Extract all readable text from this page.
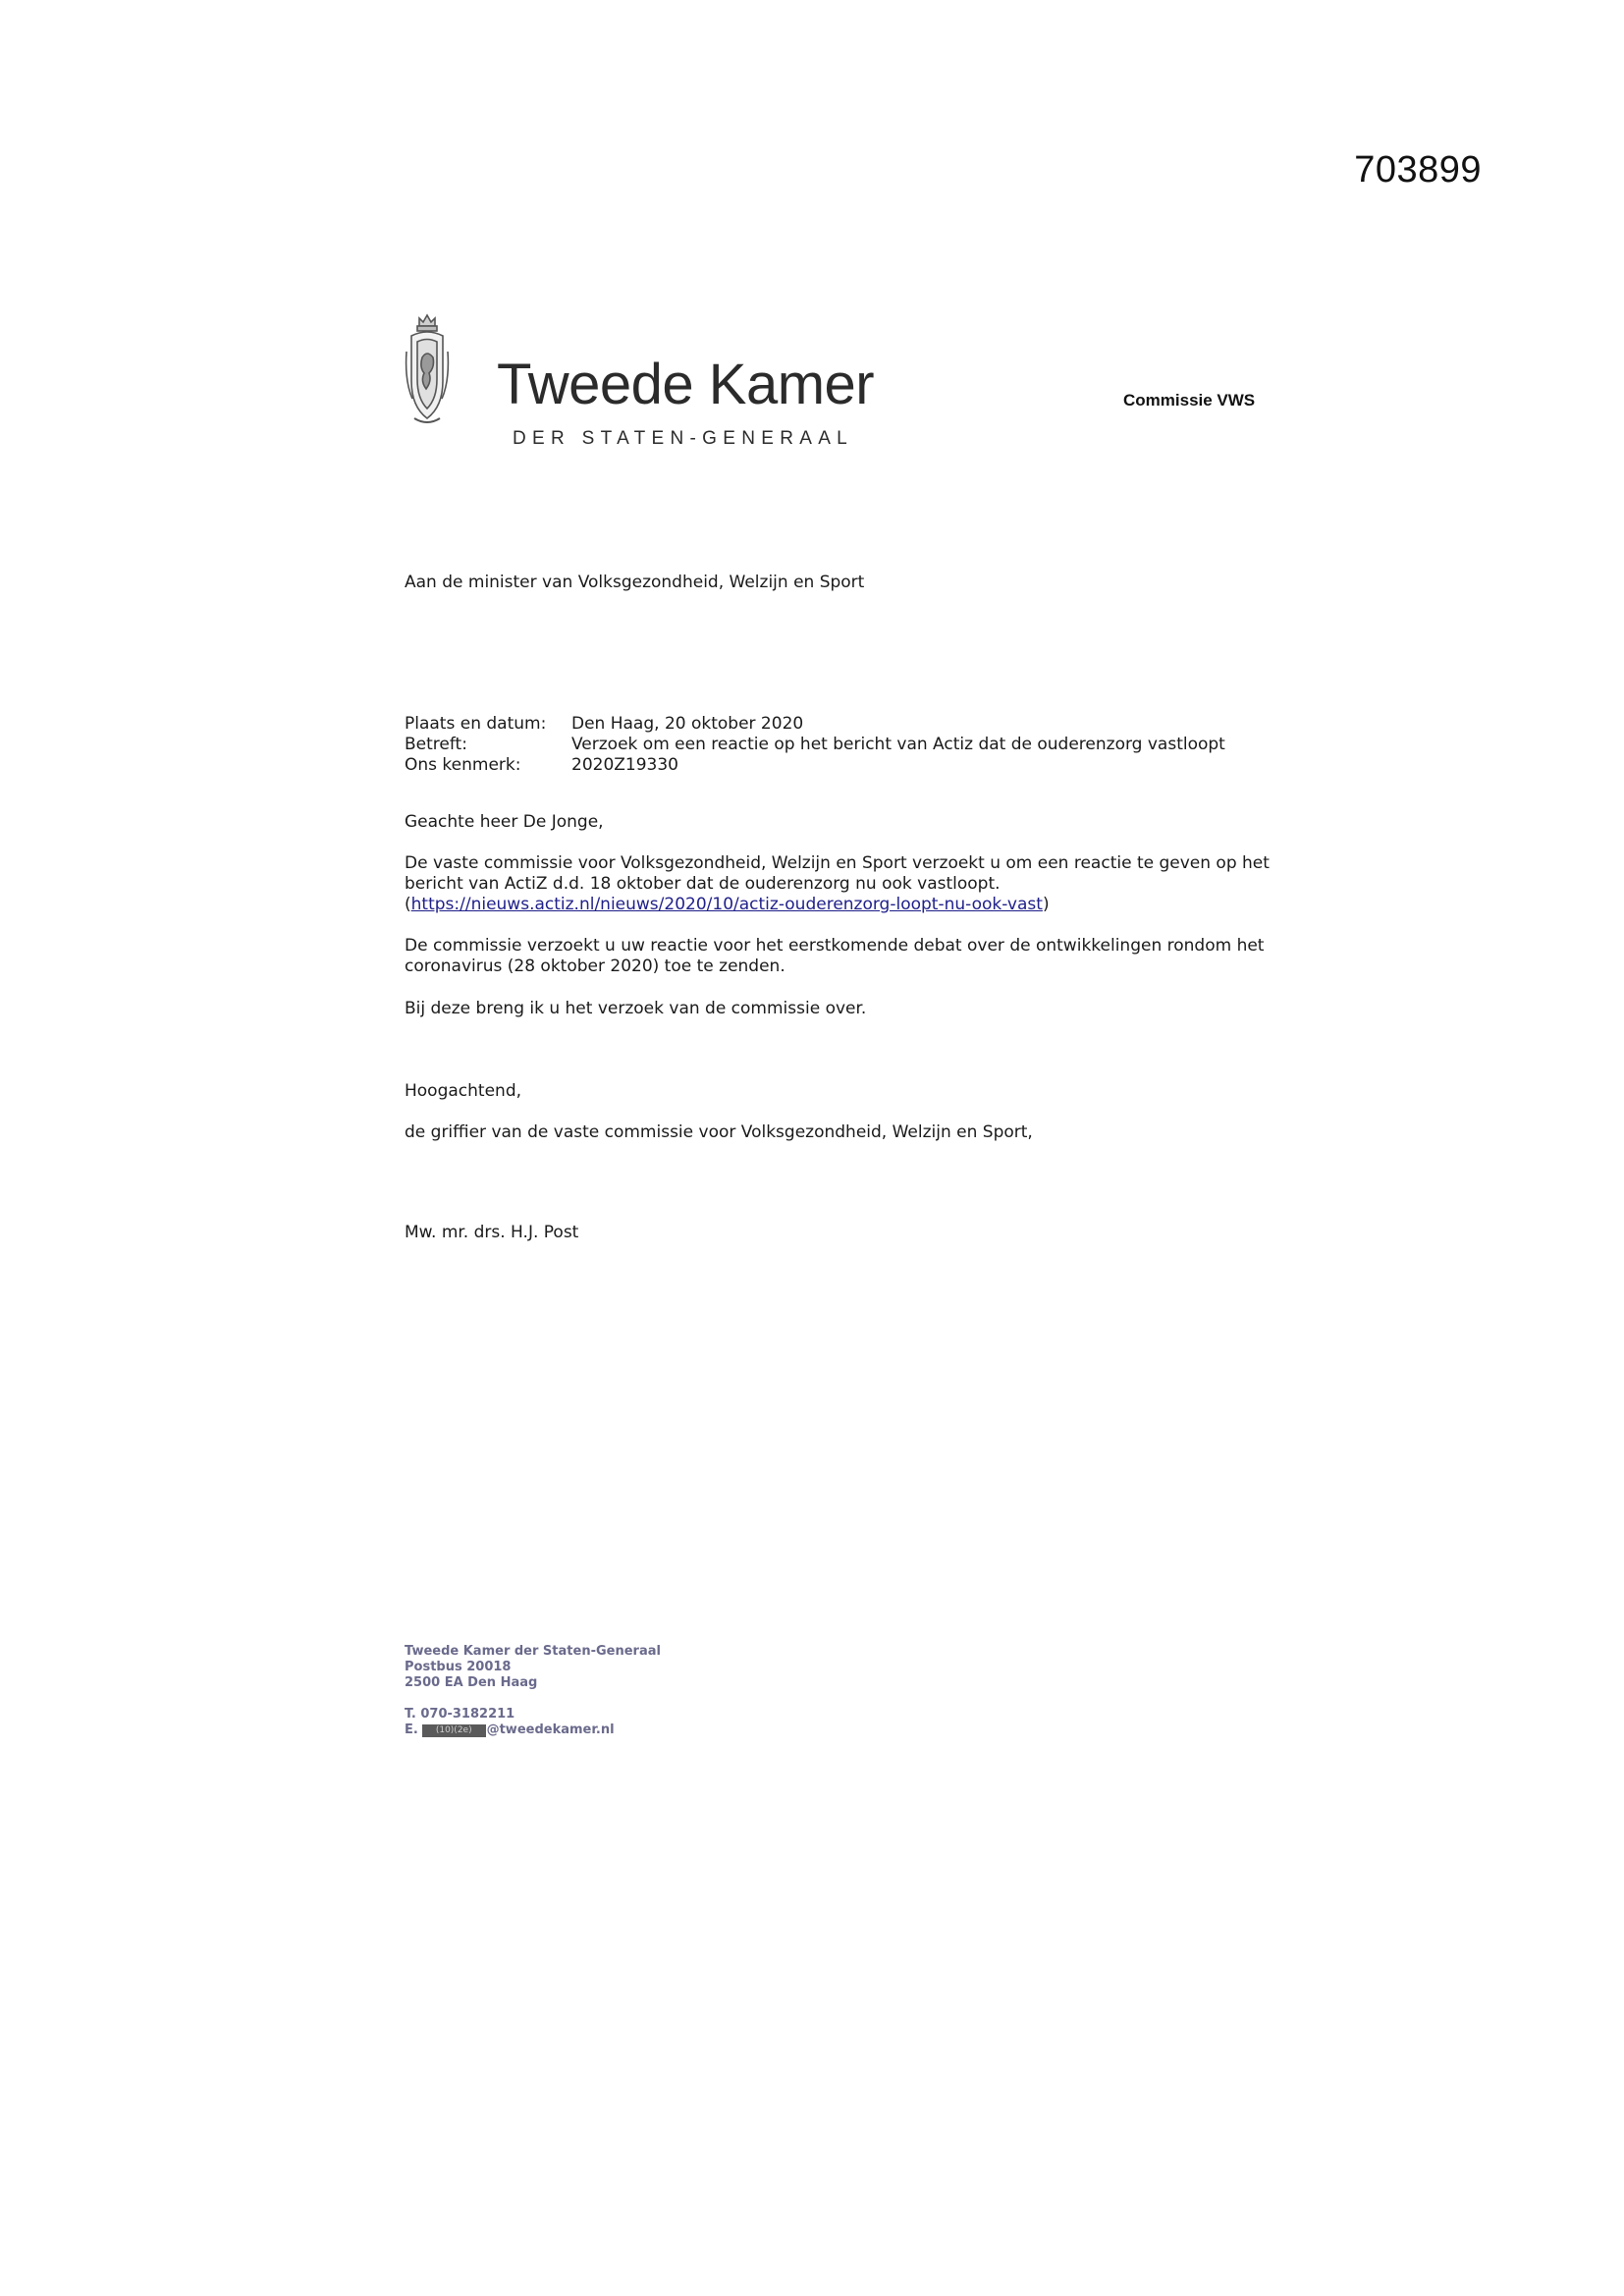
703899
Tweede Kamer
DER STATEN-GENERAAL
Commissie VWS
Aan de minister van Volksgezondheid, Welzijn en Sport
Plaats en datum:	Den Haag, 20 oktober 2020
Betreft:	Verzoek om een reactie op het bericht van Actiz dat de ouderenzorg vastloopt
Ons kenmerk:	2020Z19330
Geachte heer De Jonge,
De vaste commissie voor Volksgezondheid, Welzijn en Sport verzoekt u om een reactie te geven op het
bericht van ActiZ d.d. 18 oktober dat de ouderenzorg nu ook vastloopt.
(https://nieuws.actiz.nl/nieuws/2020/10/actiz-ouderenzorg-loopt-nu-ook-vast)
De commissie verzoekt u uw reactie voor het eerstkomende debat over de ontwikkelingen rondom het
coronavirus (28 oktober 2020) toe te zenden.
Bij deze breng ik u het verzoek van de commissie over.
Hoogachtend,
de griffier van de vaste commissie voor Volksgezondheid, Welzijn en Sport,
Mw. mr. drs. H.J. Post
Tweede Kamer der Staten-Generaal
Postbus 20018
2500 EA Den Haag
T. 070-3182211
E. (10)(2e) @tweedekamer.nl
